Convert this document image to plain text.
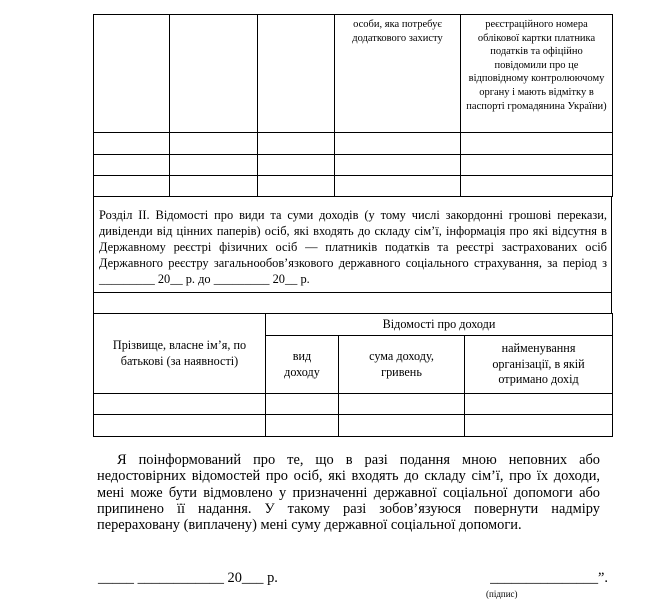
			особи, яка потребує додаткового захисту	реєстраційного номера облікової картки платника податків та офіційно повідомили про це відповідному контролюючому органу і мають відмітку в паспорті громадянина України)

Розділ ІІ. Відомості про види та суми доходів (у тому числі закордонні грошові перекази, дивіденди від цінних паперів) осіб, які входять до складу сім’ї, інформація про які відсутня в Державному реєстрі фізичних осіб — платників податків та реєстрі застрахованих осіб Державного реєстру загальнообов’язкового державного соціального страхування, за період з _________ 20__ р. до _________ 20__ р.

Прізвище, власне ім’я, по батькові (за наявності)	Відомості про доходи		
	вид доходу	сума доходу, гривень	найменування організації, в якій отримано дохід

Я поінформований про те, що в разі подання мною неповних або недостовірних відомостей про осіб, які входять до складу сім’ї, про їх доходи, мені може бути відмовлено у призначенні державної соціальної допомоги або припинено її надання. У такому разі зобов’язуюся повернути надміру перераховану (виплачену) мені суму державної соціальної допомоги.

_____ ____________ 20___ р.	_______________”.
(підпис)
